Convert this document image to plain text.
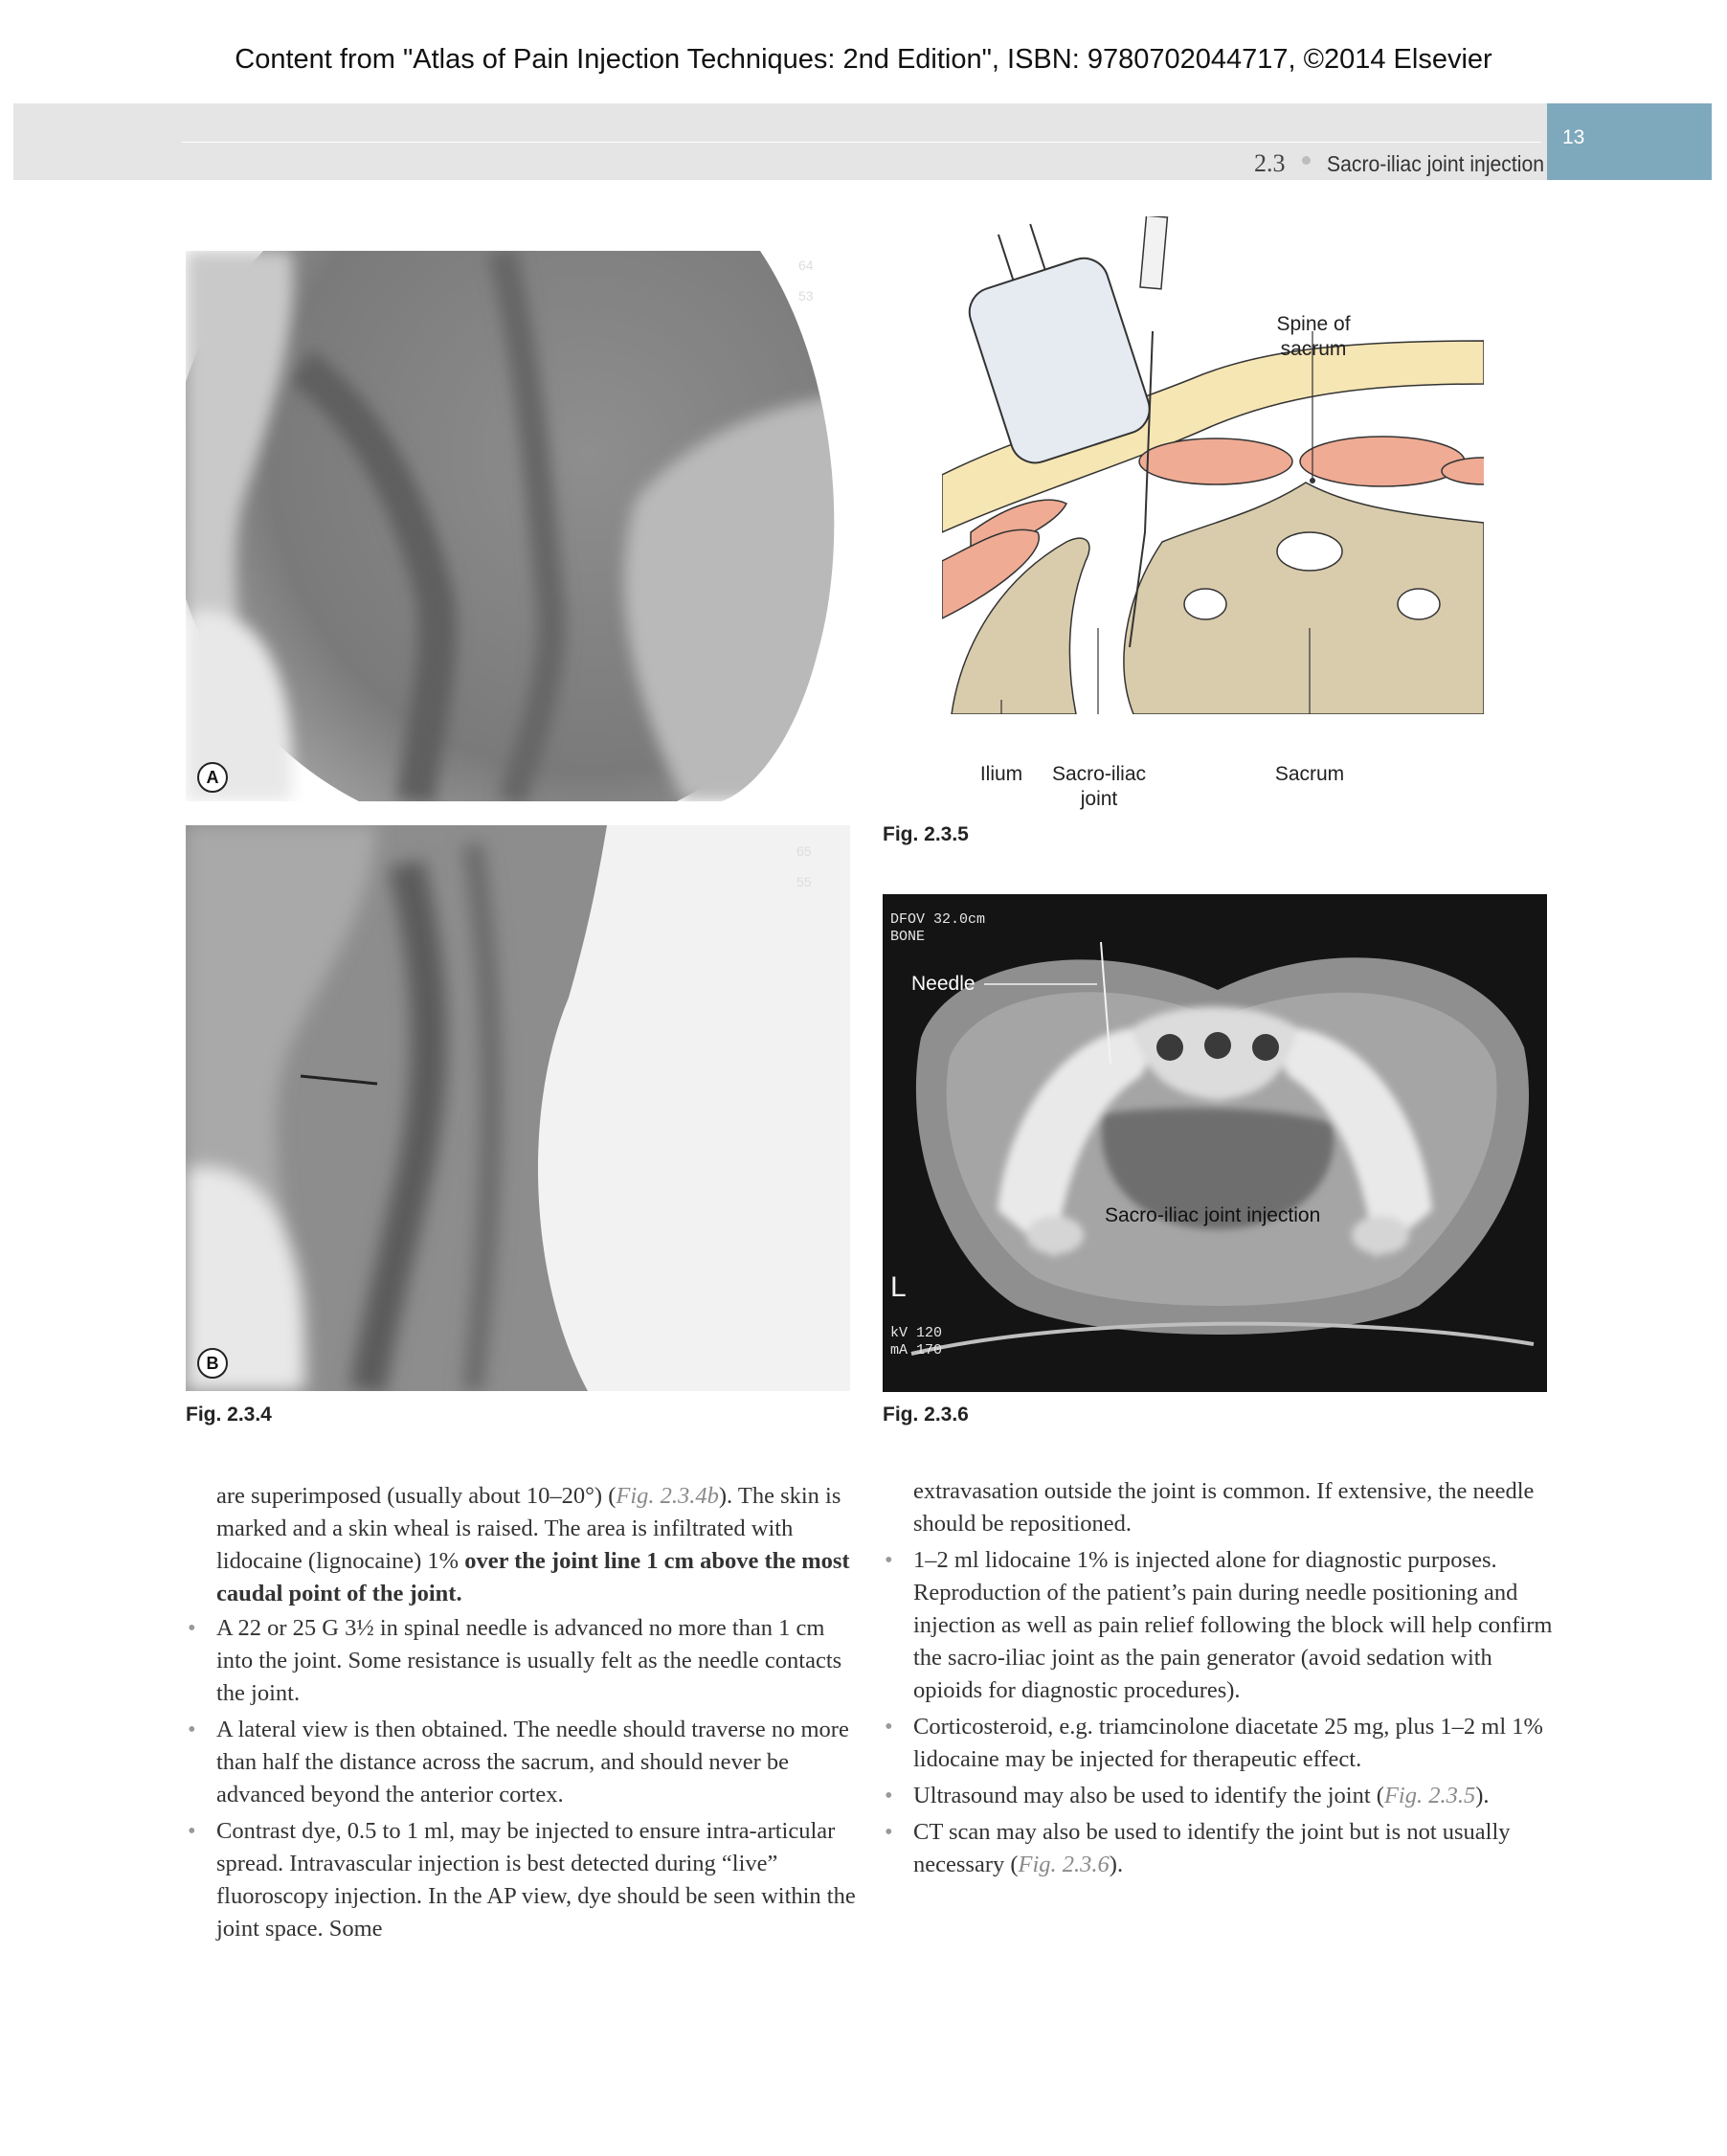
Content from "Atlas of Pain Injection Techniques: 2nd Edition", ISBN: 9780702044717, ©2014 Elsevier
13
2.3 Sacro-iliac joint injection
64
53
A
65
55
B
Fig. 2.3.4
Spine of
sacrum
Ilium	Sacro-iliac
joint
Sacrum
Fig. 2.3.5
DFOV 32.0cm
BONE
L
kV 120
mA 170
Needle
Sacro-iliac joint injection
Fig. 2.3.6

are superimposed (usually about 10–20°) (Fig. 2.3.4b). The skin is marked and a skin wheal is raised. The area is infiltrated with lidocaine (lignocaine) 1% over the joint line 1 cm above the most caudal point of the joint.

• A 22 or 25 G 3½ in spinal needle is advanced no more than 1 cm into the joint. Some resistance is usually felt as the needle contacts the joint.
• A lateral view is then obtained. The needle should traverse no more than half the distance across the sacrum, and should never be advanced beyond the anterior cortex.
• Contrast dye, 0.5 to 1 ml, may be injected to ensure intra-articular spread. Intravascular injection is best detected during “live” fluoroscopy injection. In the AP view, dye should be seen within the joint space. Some

extravasation outside the joint is common. If extensive, the needle should be repositioned.

• 1–2 ml lidocaine 1% is injected alone for diagnostic purposes. Reproduction of the patient’s pain during needle positioning and injection as well as pain relief following the block will help confirm the sacro-iliac joint as the pain generator (avoid sedation with opioids for diagnostic procedures).
• Corticosteroid, e.g. triamcinolone diacetate 25 mg, plus 1–2 ml 1% lidocaine may be injected for therapeutic effect.
• Ultrasound may also be used to identify the joint (Fig. 2.3.5).
• CT scan may also be used to identify the joint but is not usually necessary (Fig. 2.3.6).
